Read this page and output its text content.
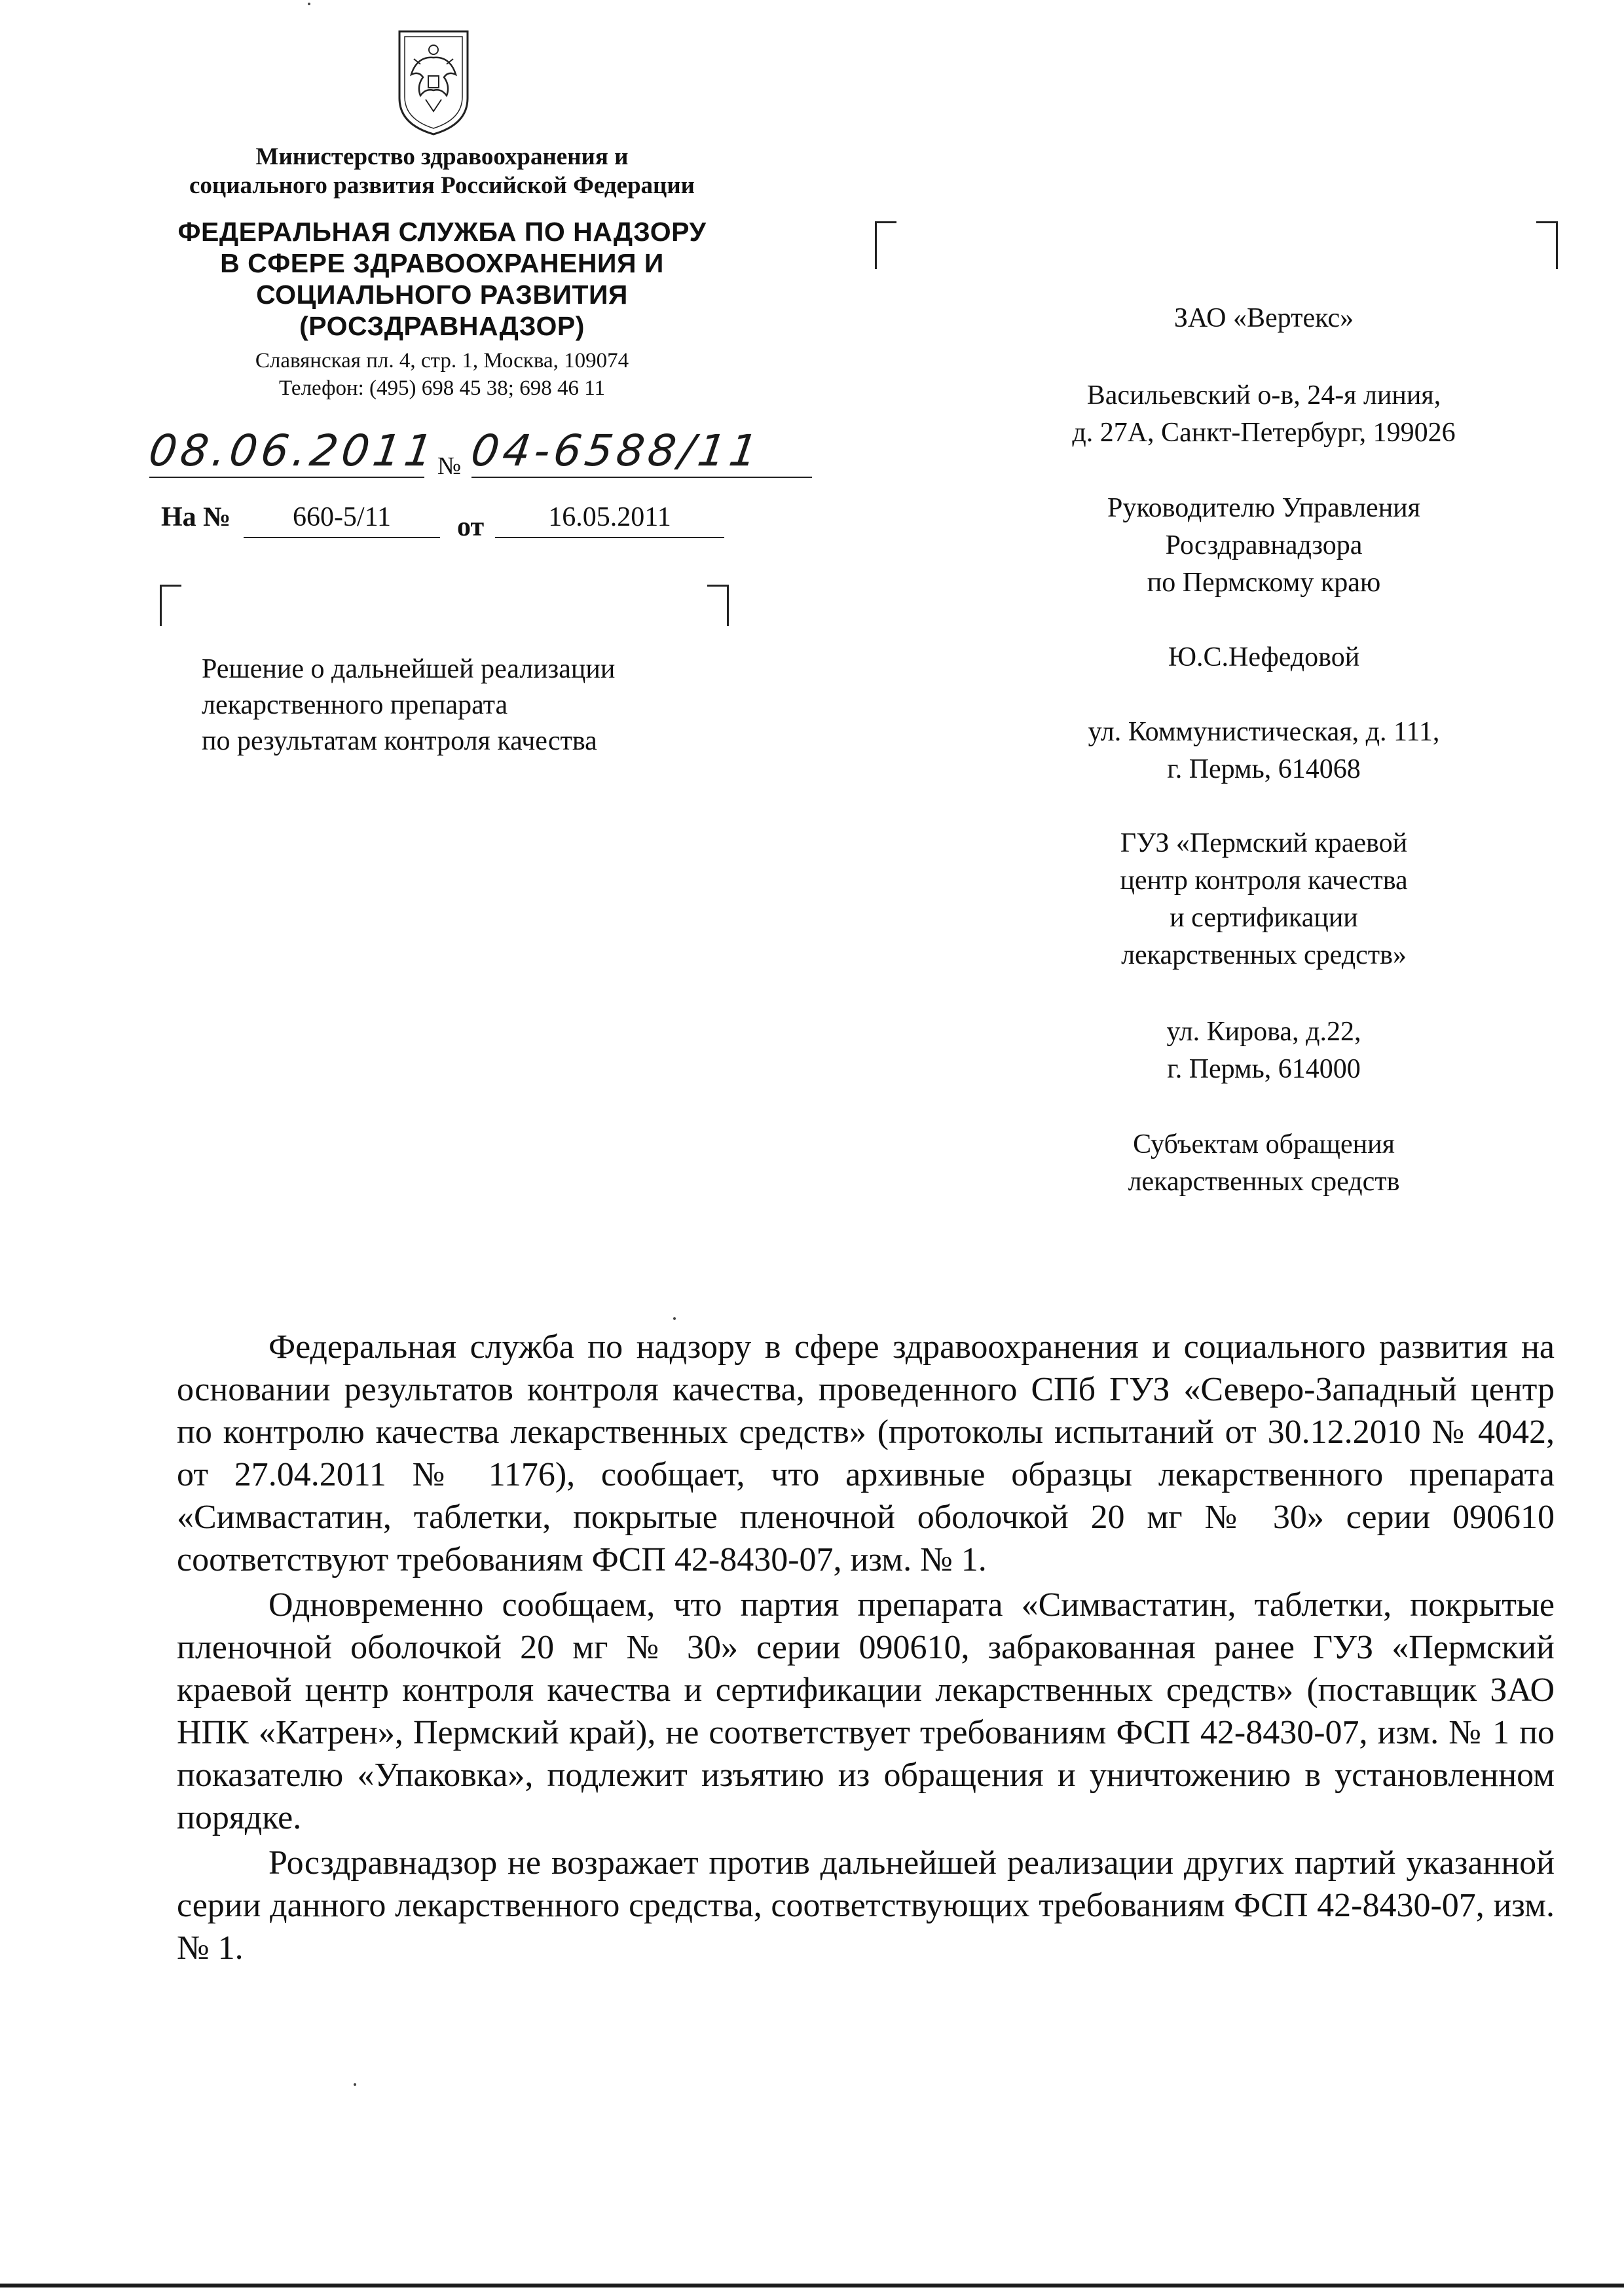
Министерство здравоохранения и
социального развития Российской Федерации
ФЕДЕРАЛЬНАЯ СЛУЖБА ПО НАДЗОРУ
В СФЕРЕ ЗДРАВООХРАНЕНИЯ И
СОЦИАЛЬНОГО РАЗВИТИЯ
(РОСЗДРАВНАДЗОР)
Славянская пл. 4, стр. 1, Москва, 109074
Телефон: (495) 698 45 38; 698 46 11
08.06.2011
№ 04-6588/11
На №	660-5/11	от	16.05.2011
Решение о дальнейшей реализации
лекарственного препарата
по результатам контроля качества
ЗАО «Вертекс»
Васильевский о-в, 24-я линия,
д. 27А, Санкт-Петербург, 199026
Руководителю Управления
Росздравнадзора
по Пермскому краю
Ю.С.Нефедовой
ул. Коммунистическая, д. 111,
г. Пермь, 614068
ГУЗ «Пермский краевой
центр контроля качества
и сертификации
лекарственных средств»
ул. Кирова, д.22,
г. Пермь, 614000
Субъектам обращения
лекарственных средств

Федеральная служба по надзору в сфере здравоохранения и социального развития на основании результатов контроля качества, проведенного СПб ГУЗ «Северо-Западный центр по контролю качества лекарственных средств» (протоколы испытаний от 30.12.2010 № 4042, от 27.04.2011 № 1176), сообщает, что архивные образцы лекарственного препарата «Симвастатин, таблетки, покрытые пленочной оболочкой 20 мг № 30» серии 090610 соответствуют требованиям ФСП 42-8430-07, изм. № 1.

Одновременно сообщаем, что партия препарата «Симвастатин, таблетки, покрытые пленочной оболочкой 20 мг № 30» серии 090610, забракованная ранее ГУЗ «Пермский краевой центр контроля качества и сертификации лекарственных средств» (поставщик ЗАО НПК «Катрен», Пермский край), не соответствует требованиям ФСП 42-8430-07, изм. № 1 по показателю «Упаковка», подлежит изъятию из обращения и уничтожению в установленном порядке.

Росздравнадзор не возражает против дальнейшей реализации других партий указанной серии данного лекарственного средства, соответствующих требованиям ФСП 42-8430-07, изм. № 1.
